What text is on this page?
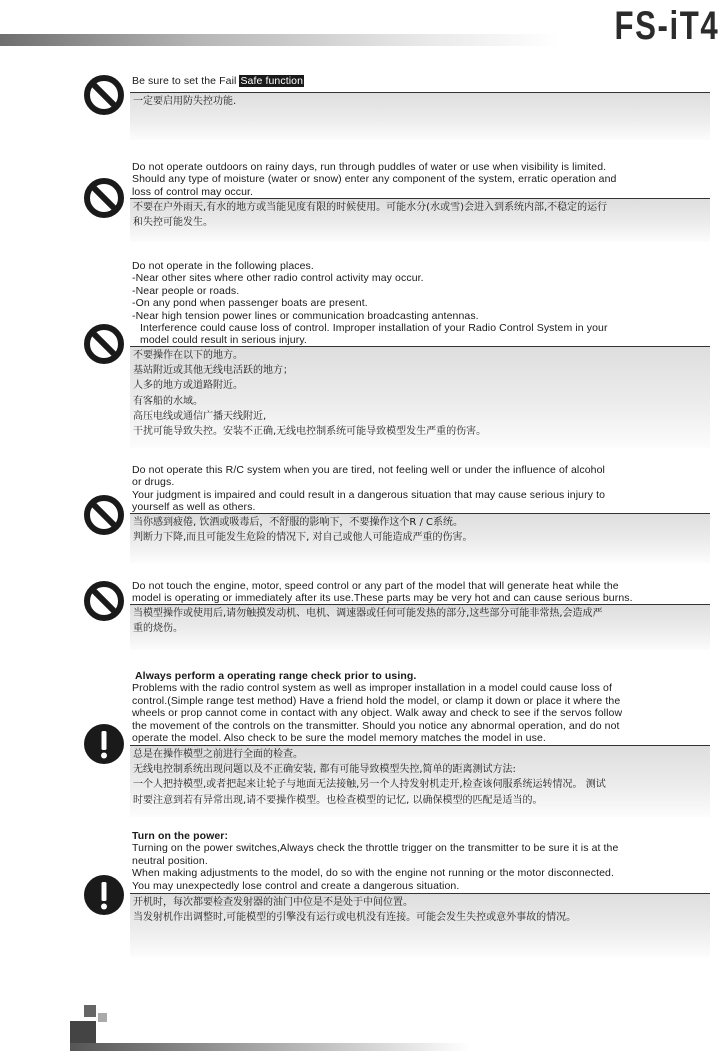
FS-iT4

Be sure to set the Fail Safe function

一定要启用防失控功能.

Do not operate outdoors on rainy days, run through puddles of water or use when visibility is limited.

Should any type of moisture (water or snow) enter any component of the system, erratic operation and

loss of control may occur.

不要在户外雨天,有水的地方或当能见度有限的时候使用。可能水分(水或雪)会进入到系统内部,不稳定的运行

和失控可能发生。

Do not operate in the following places.

-Near other sites where other radio control activity may occur.

-Near people or roads.

-On any pond when passenger boats are present.

-Near high tension power lines or communication broadcasting antennas.

Interference could cause loss of control. Improper installation of your Radio Control System in your

model could result in serious injury.

不要操作在以下的地方。

基站附近或其他无线电活跃的地方；

人多的地方或道路附近。

有客船的水域。

高压电线或通信广播天线附近,

干扰可能导致失控。安装不正确,无线电控制系统可能导致模型发生严重的伤害。

Do not operate this R/C system when you are tired, not feeling well or under the influence of alcohol

or drugs.

Your judgment is impaired and could result in a dangerous situation that may cause serious injury to

yourself as well as others.

当你感到疲倦, 饮酒或吸毒后，不舒服的影响下，不要操作这个R / C系统。

判断力下降,而且可能发生危险的情况下, 对自己或他人可能造成严重的伤害。

Do not touch the engine, motor, speed control or any part of the model that will generate heat while the

model is operating or immediately after its use.These parts may be very hot and can cause serious burns.

当模型操作或使用后,请勿触摸发动机、电机、调速器或任何可能发热的部分,这些部分可能非常热,会造成严

重的烧伤。

Always perform a operating range check prior to using.

Problems with the radio control system as well as improper installation in a model could cause loss of

control.(Simple range test method) Have a friend hold the model, or clamp it down or place it where the

wheels or prop cannot come in contact with any object. Walk away and check to see if the servos follow

the movement of the controls on the transmitter. Should you notice any abnormal operation, and do not

operate the model. Also check to be sure the model memory matches the model in use.

总是在操作模型之前进行全面的检查。

无线电控制系统出现问题以及不正确安装, 都有可能导致模型失控,简单的距离测试方法:

一个人把持模型,或者把起来让轮子与地面无法接触,另一个人持发射机走开,检查该伺服系统运转情况。 测试

时要注意到若有异常出现,请不要操作模型。也检查模型的记忆, 以确保模型的匹配是适当的。

Turn on the power:

Turning on the power switches,Always check the throttle trigger on the transmitter to be sure it is at the

neutral position.

When making adjustments to the model, do so with the engine not running or the motor disconnected.

You may unexpectedly lose control and create a dangerous situation.

开机时，每次都要检查发射器的油门中位是不是处于中间位置。

当发射机作出调整时,可能模型的引擎没有运行或电机没有连接。可能会发生失控或意外事故的情况。
